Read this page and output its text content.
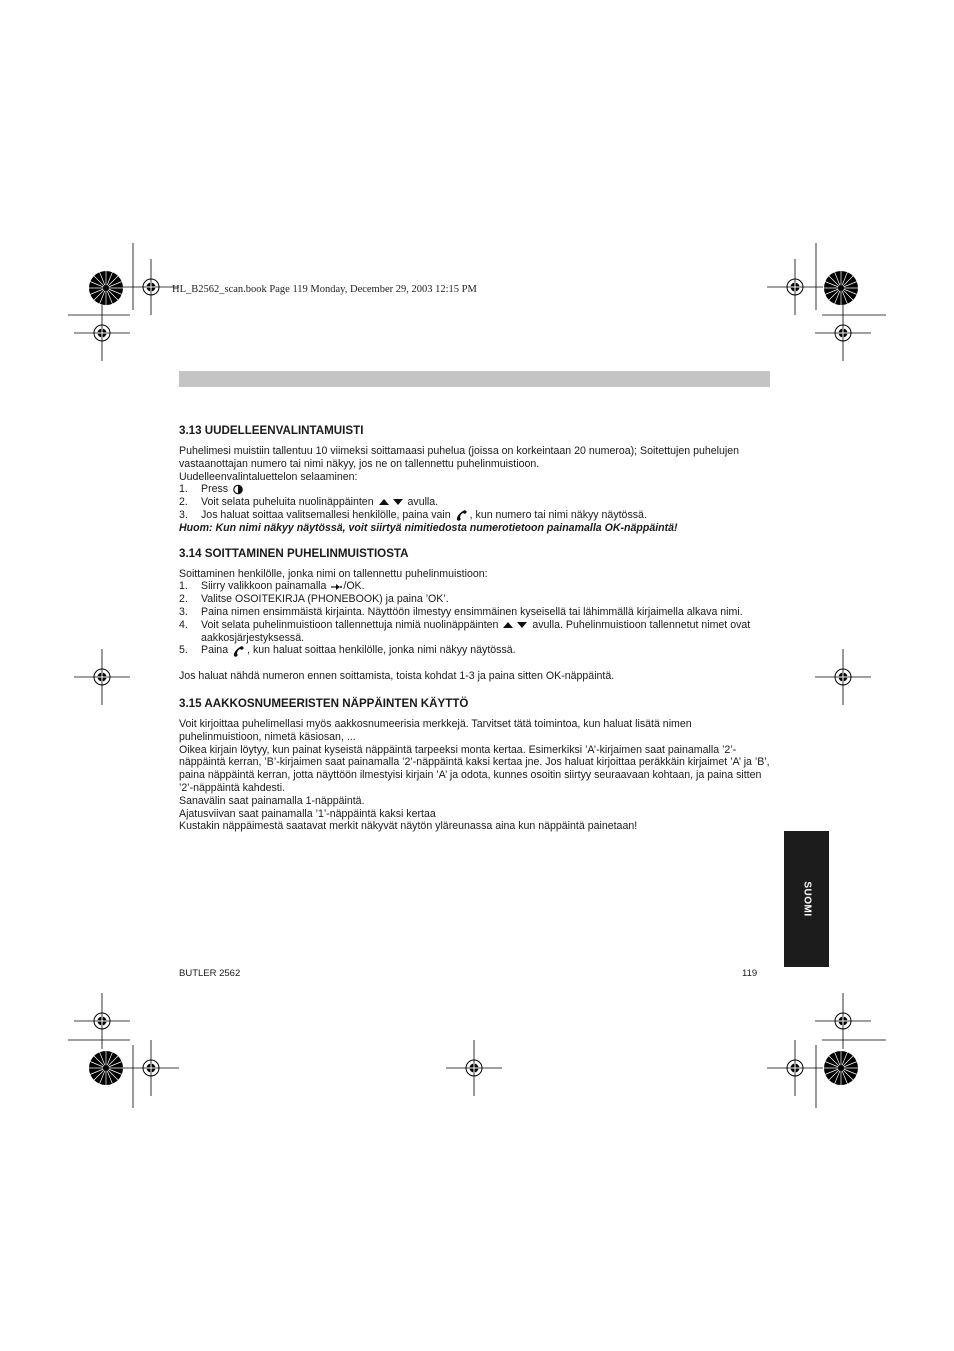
HL_B2562_scan.book Page 119 Monday, December 29, 2003 12:15 PM
3.13 UUDELLEENVALINTAMUISTI

Puhelimesi muistiin tallentuu 10 viimeksi soittamaasi puhelua (joissa on korkeintaan 20 numeroa); Soitettujen puhelujen vastaanottajan numero tai nimi näkyy, jos ne on tallennettu puhelinmuistioon.

Uudelleenvalintaluettelon selaaminen:

1.	Press
2.	Voit selata puheluita nuolinäppäinten	avulla.
3.	Jos haluat soittaa valitsemallesi henkilölle, paina vain , kun numero tai nimi näkyy näytössä.

Huom: Kun nimi näkyy näytössä, voit siirtyä nimitiedosta numerotietoon painamalla OK-näppäintä!

3.14 SOITTAMINEN PUHELINMUISTIOSTA

Soittaminen henkilölle, jonka nimi on tallennettu puhelinmuistioon:

1.	Siirry valikkoon painamalla /OK.
2.	Valitse OSOITEKIRJA (PHONEBOOK) ja paina ’OK’.
3.	Paina nimen ensimmäistä kirjainta. Näyttöön ilmestyy ensimmäinen kyseisellä tai lähimmällä kirjaimella alkava nimi.
4.	Voit selata puhelinmuistioon tallennettuja nimiä nuolinäppäinten	avulla. Puhelinmuistioon tallennetut nimet ovat aakkosjärjestyksessä.
5.	Paina , kun haluat soittaa henkilölle, jonka nimi näkyy näytössä.

Jos haluat nähdä numeron ennen soittamista, toista kohdat 1-3 ja paina sitten OK-näppäintä.

3.15 AAKKOSNUMEERISTEN NÄPPÄINTEN KÄYTTÖ

Voit kirjoittaa puhelimellasi myös aakkosnumeerisia merkkejä. Tarvitset tätä toimintoa, kun haluat lisätä nimen puhelinmuistioon, nimetä käsiosan, ...

Oikea kirjain löytyy, kun painat kyseistä näppäintä tarpeeksi monta kertaa. Esimerkiksi ’A’-kirjaimen saat painamalla ’2’-näppäintä kerran, ’B’-kirjaimen saat painamalla ’2’-näppäintä kaksi kertaa jne. Jos haluat kirjoittaa peräkkäin kirjaimet ’A’ ja ’B’, paina näppäintä kerran, jotta näyttöön ilmestyisi kirjain ’A’ ja odota, kunnes osoitin siirtyy seuraavaan kohtaan, ja paina sitten ’2’-näppäintä kahdesti.

Sanavälin saat painamalla 1-näppäintä.

Ajatusviivan saat painamalla ’1’-näppäintä kaksi kertaa

Kustakin näppäimestä saatavat merkit näkyvät näytön yläreunassa aina kun näppäintä painetaan!

SUOMI
BUTLER 2562	119
